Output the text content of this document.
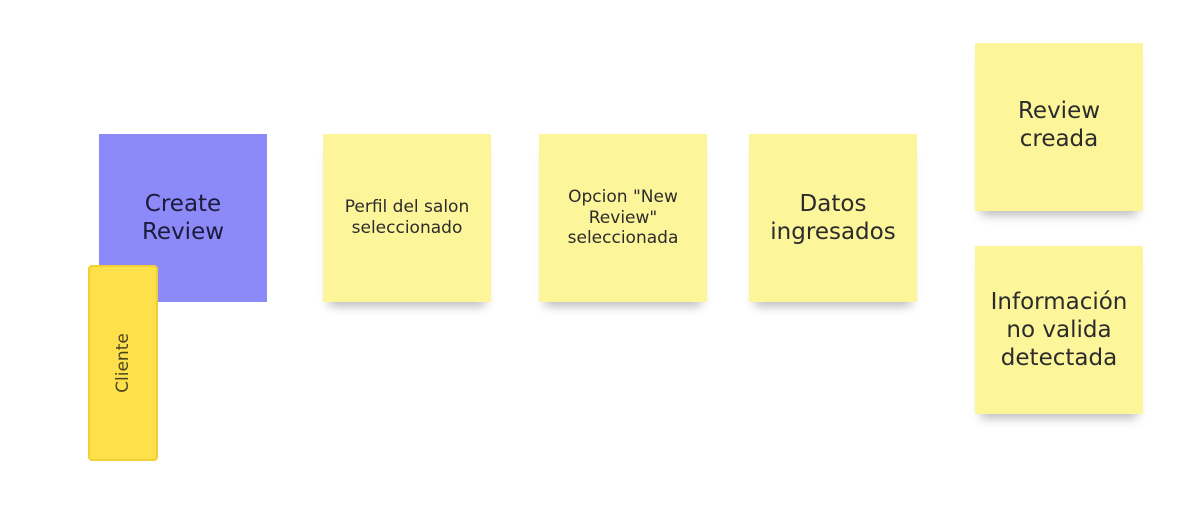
Create
Review
Cliente
Perfil del salon
seleccionado
Opcion "New
Review"
seleccionada
Datos
ingresados
Review
creada
Información
no valida
detectada
